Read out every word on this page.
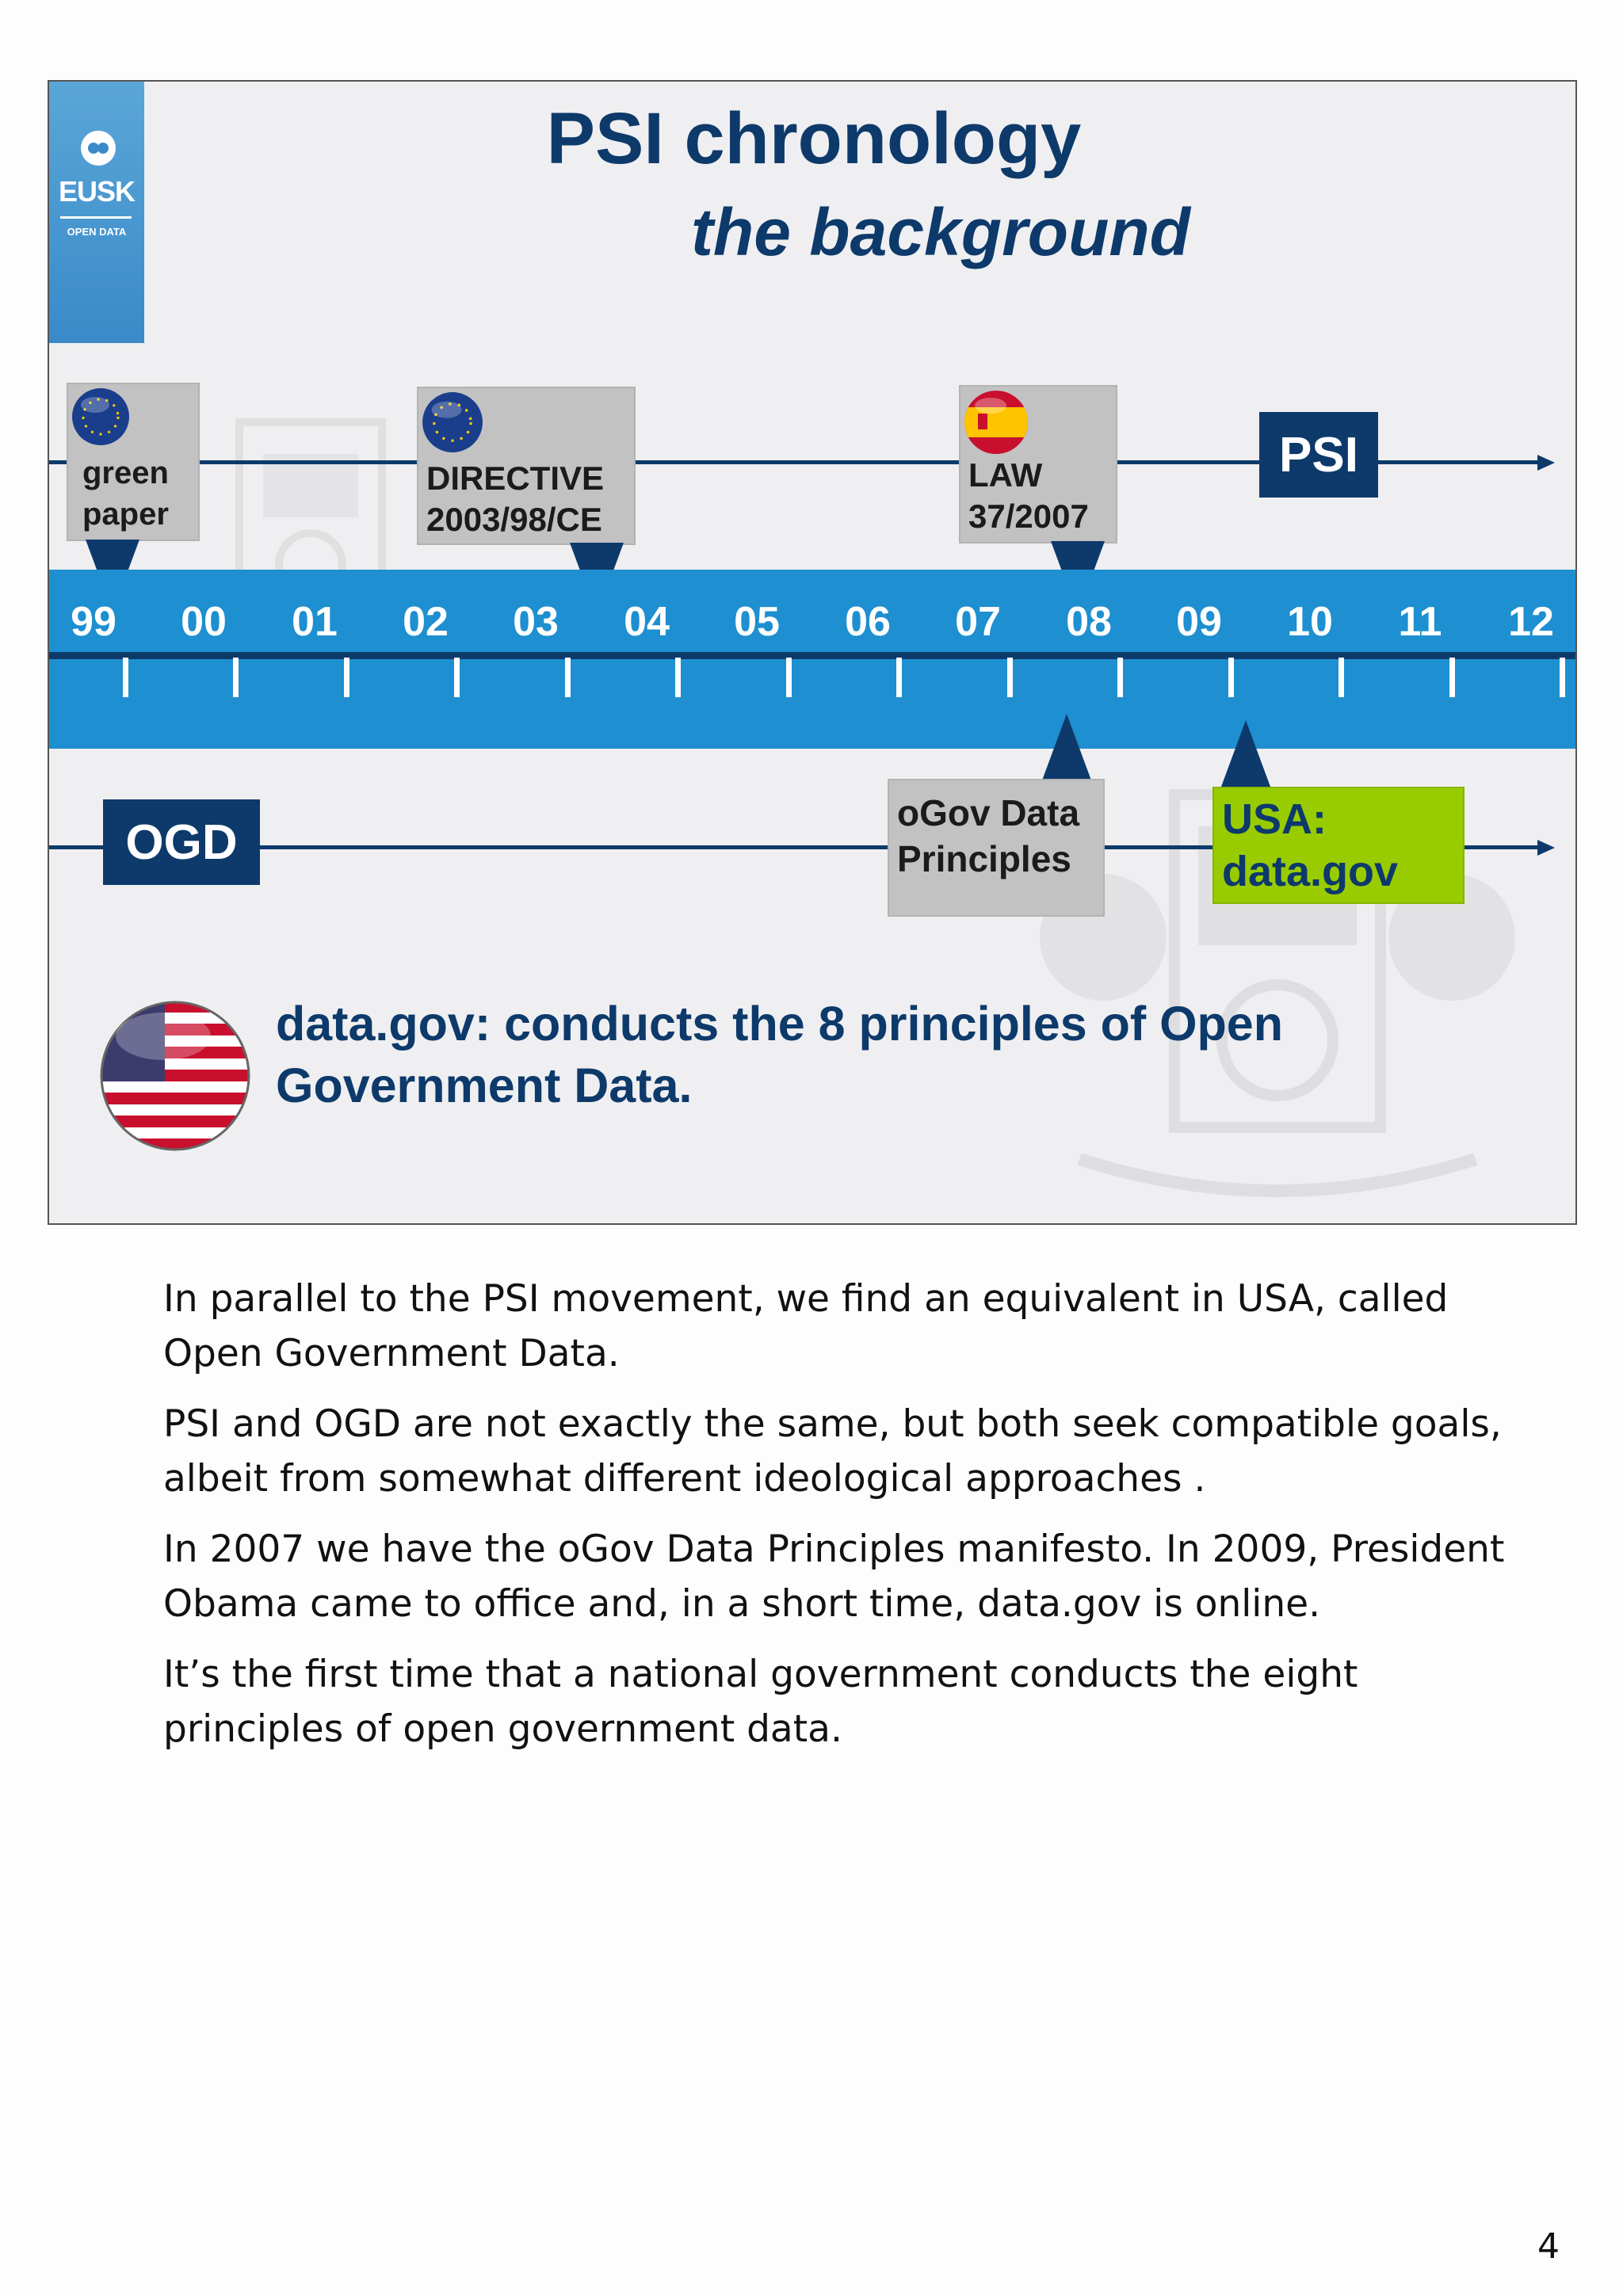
EUSK
OPEN DATA
PSI chronology
the background
PSI
OGD
green
paper
DIRECTIVE
2003/98/CE
LAW
37/2007
99	00	01	02	03	04	05	06	07	08	09	10	11	12
oGov Data
Principles
USA:
data.gov
data.gov: conducts the 8 principles of Open Government Data.

In parallel to the PSI movement, we find an equivalent in USA, called Open Government Data.

PSI and OGD are not exactly the same, but both seek compatible goals, albeit from somewhat different ideological approaches .

In 2007 we have the oGov Data Principles manifesto. In 2009, President Obama came to office and, in a short time, data.gov is online.

It’s the first time that a national government conducts the eight principles of open government data.

4
